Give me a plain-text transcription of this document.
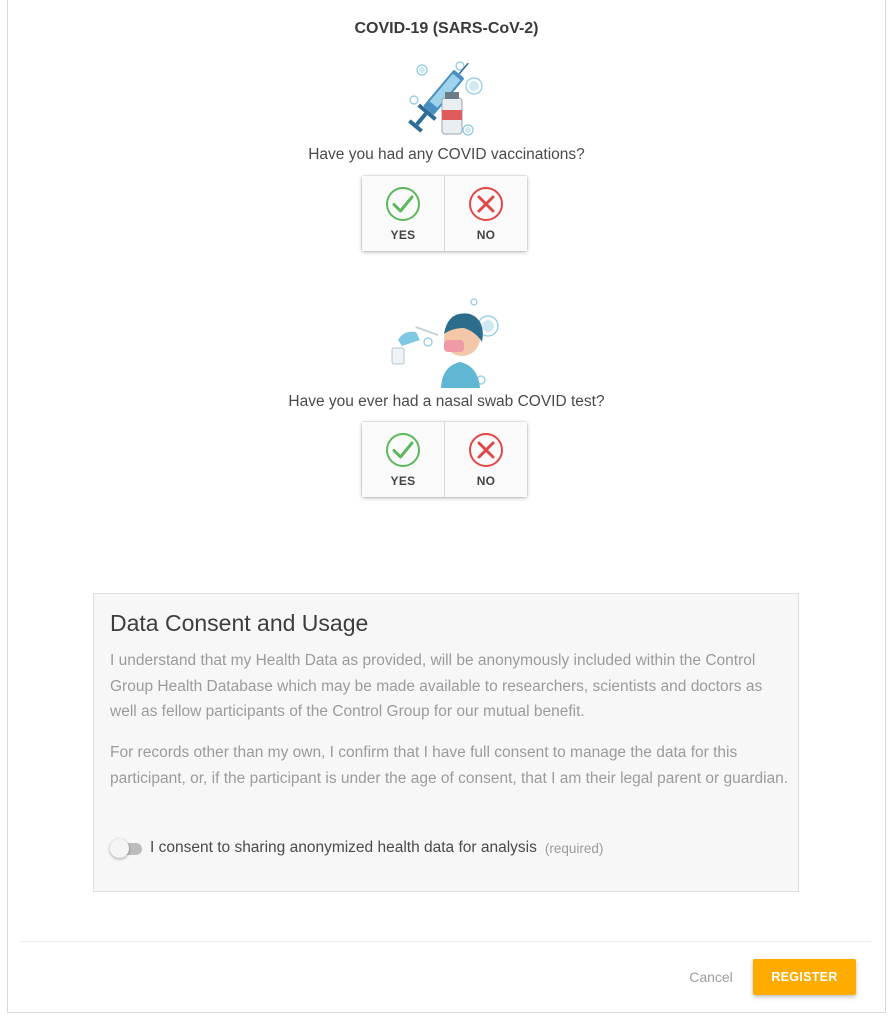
COVID-19 (SARS-CoV-2)
Have you had any COVID vaccinations?
YES	NO
Have you ever had a nasal swab COVID test?
YES	NO
Data Consent and Usage
I understand that my Health Data as provided, will be anonymously included within the Control Group Health Database which may be made available to researchers, scientists and doctors as well as fellow participants of the Control Group for our mutual benefit.
For records other than my own, I confirm that I have full consent to manage the data for this participant, or, if the participant is under the age of consent, that I am their legal parent or guardian.
I consent to sharing anonymized health data for analysis (required)
Cancel	REGISTER
